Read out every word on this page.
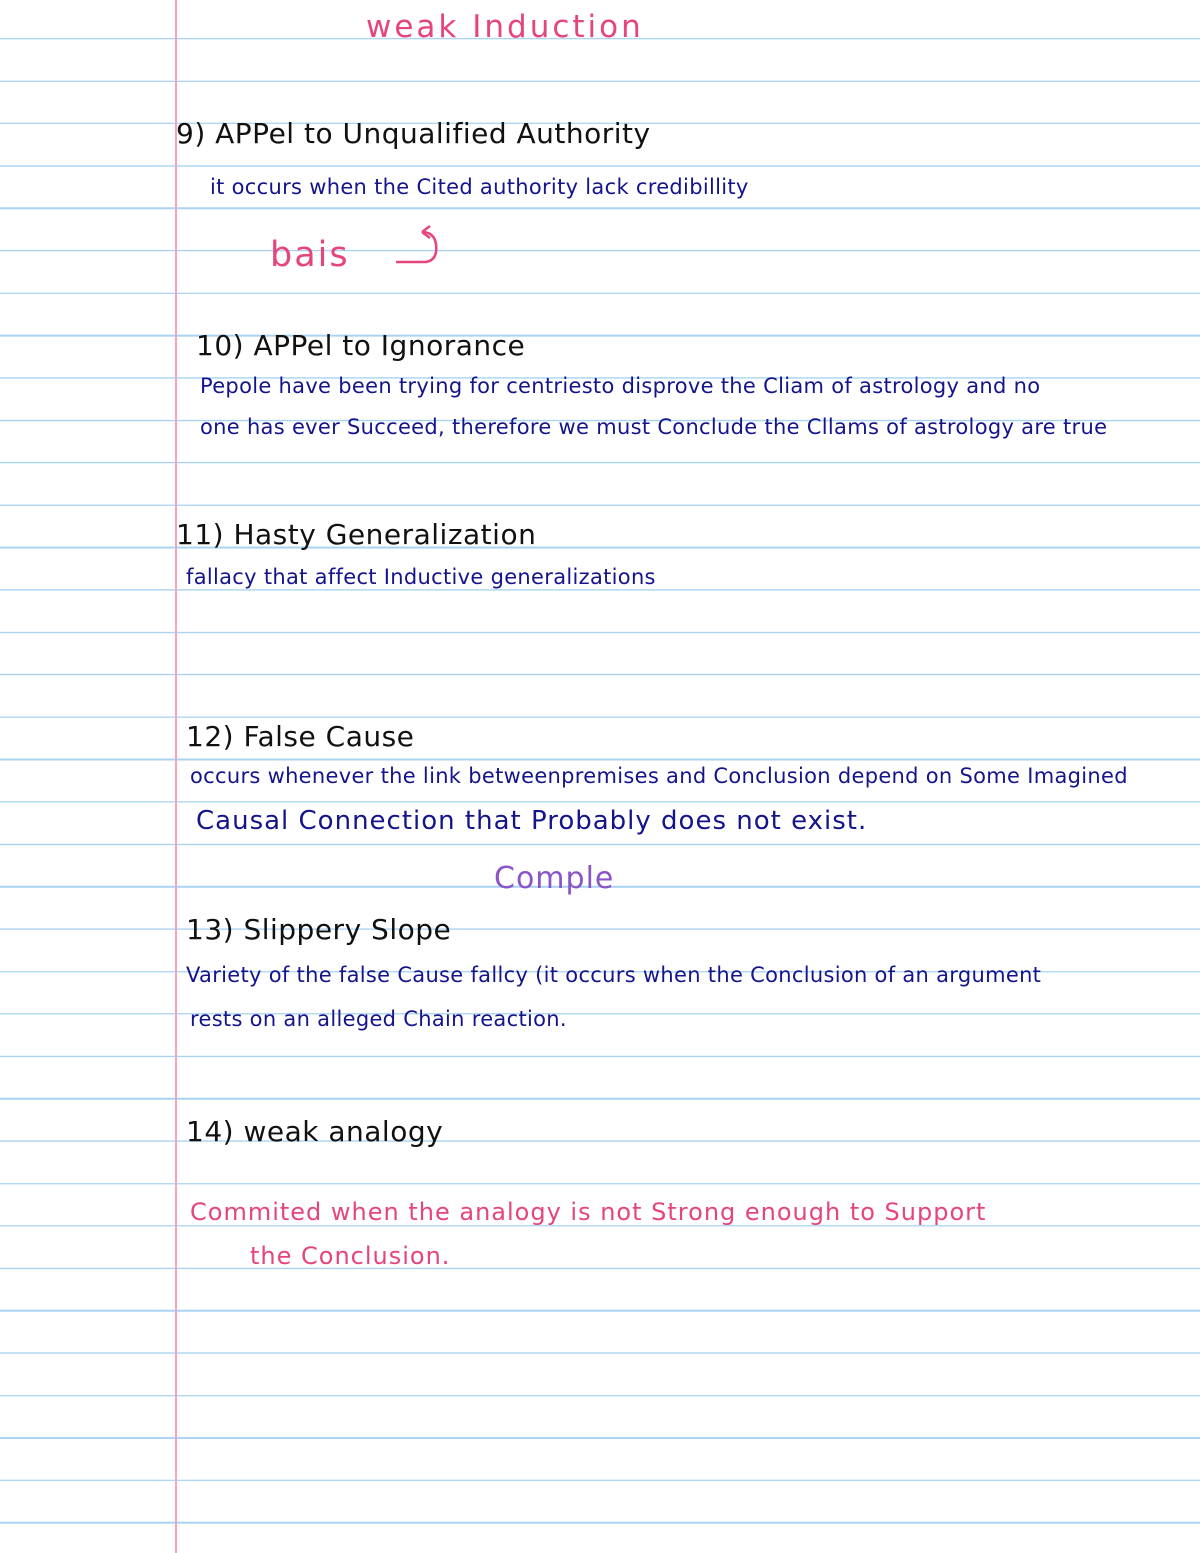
weak Induction
9) APPel to Unqualified Authority
it occurs when the Cited authority lack credibillity
bais
10) APPel to Ignorance
Pepole have been trying for centriesto disprove the Cliam of astrology and no
one has ever Succeed, therefore we must Conclude the Cllams of astrology are true
11) Hasty Generalization
fallacy that affect Inductive generalizations
12) False Cause
occurs whenever the link betweenpremises and Conclusion depend on Some Imagined
Causal Connection that Probably does not exist.
Comple
13) Slippery Slope
Variety of the false Cause fallcy (it occurs when the Conclusion of an argument
rests on an alleged Chain reaction.
14) weak analogy
Commited when the analogy is not Strong enough to Support
the Conclusion.
